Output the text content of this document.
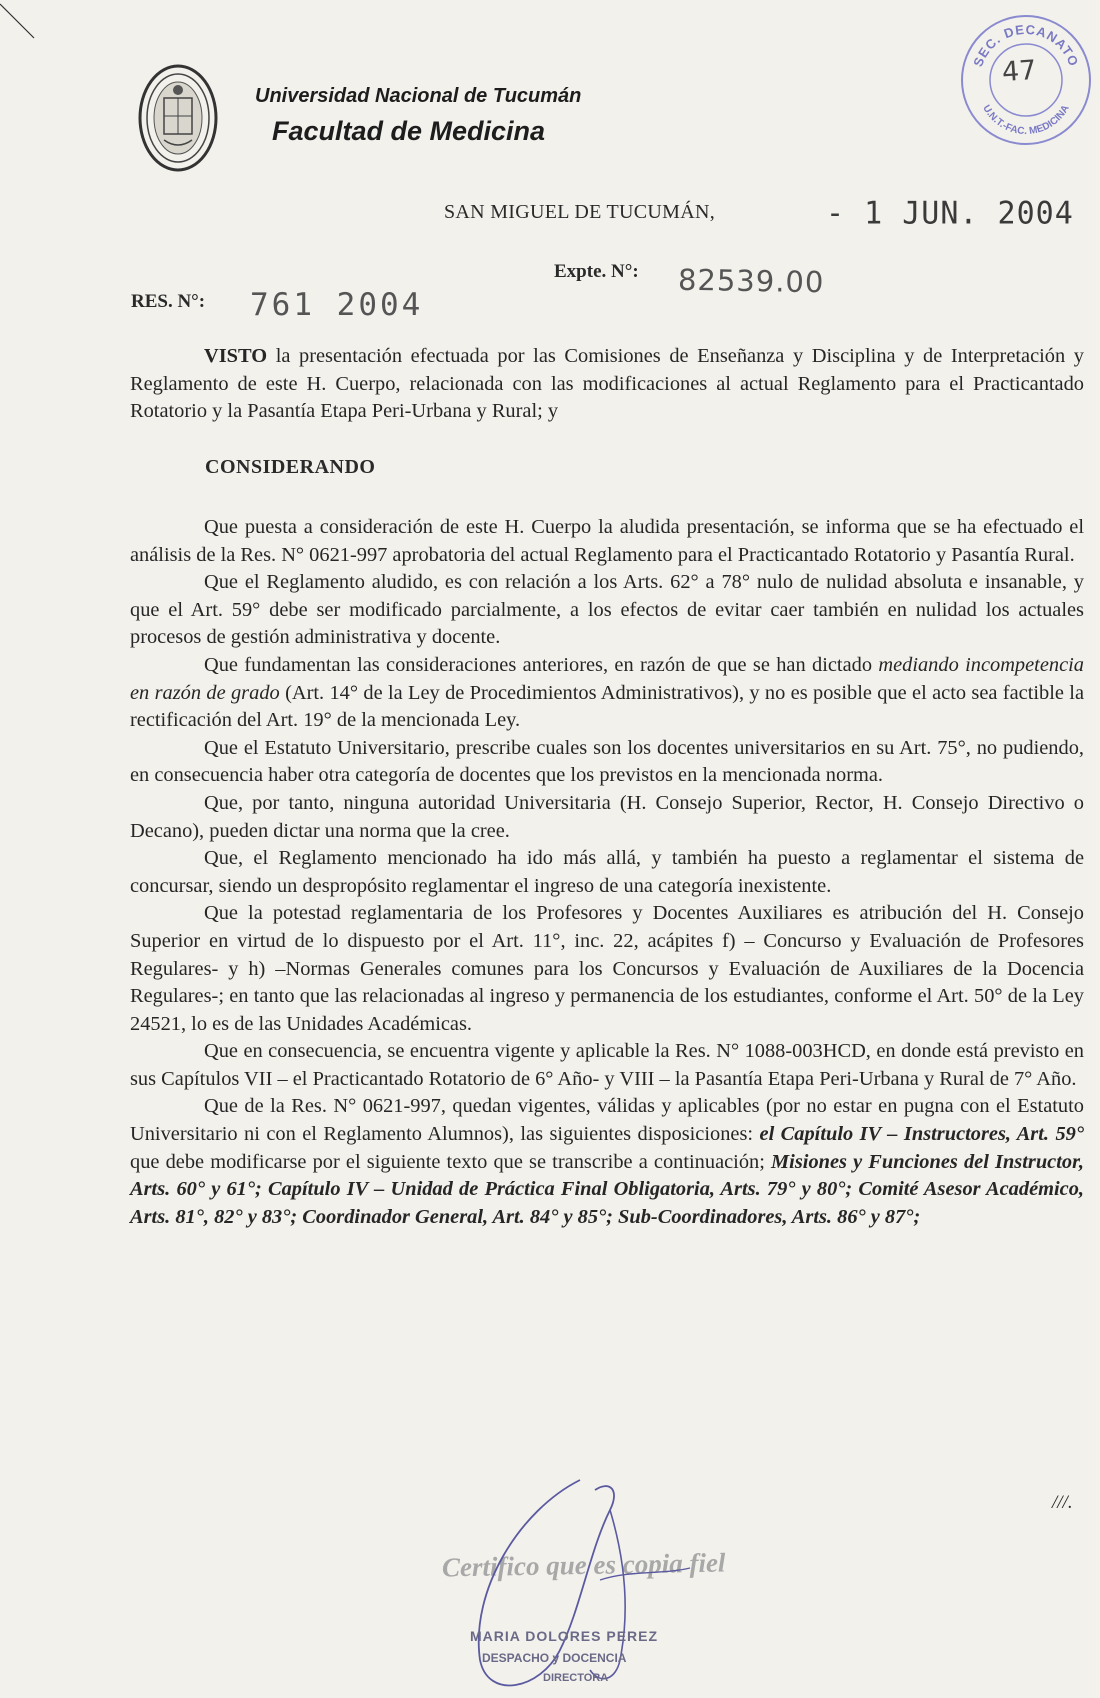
Universidad Nacional de Tucumán
Facultad de Medicina
SEC. DECANATO
U.N.T.-FAC. MEDICINA
47
SAN MIGUEL DE TUCUMÁN,	- 1 JUN. 2004
Expte. N°: 82539.00
RES. N°: 761 2004

VISTO la presentación efectuada por las Comisiones de Enseñanza y Disciplina y de Interpretación y Reglamento de este H. Cuerpo, relacionada con las modificaciones al actual Reglamento para el Practicantado Rotatorio y la Pasantía Etapa Peri-Urbana y Rural; y

CONSIDERANDO

Que puesta a consideración de este H. Cuerpo la aludida presentación, se informa que se ha efectuado el análisis de la Res. N° 0621-997 aprobatoria del actual Reglamento para el Practicantado Rotatorio y Pasantía Rural.

Que el Reglamento aludido, es con relación a los Arts. 62° a 78° nulo de nulidad absoluta e insanable, y que el Art. 59° debe ser modificado parcialmente, a los efectos de evitar caer también en nulidad los actuales procesos de gestión administrativa y docente.

Que fundamentan las consideraciones anteriores, en razón de que se han dictado mediando incompetencia en razón de grado (Art. 14° de la Ley de Procedimientos Administrativos), y no es posible que el acto sea factible la rectificación del Art. 19° de la mencionada Ley.

Que el Estatuto Universitario, prescribe cuales son los docentes universitarios en su Art. 75°, no pudiendo, en consecuencia haber otra categoría de docentes que los previstos en la mencionada norma.

Que, por tanto, ninguna autoridad Universitaria (H. Consejo Superior, Rector, H. Consejo Directivo o Decano), pueden dictar una norma que la cree.

Que, el Reglamento mencionado ha ido más allá, y también ha puesto a reglamentar el sistema de concursar, siendo un despropósito reglamentar el ingreso de una categoría inexistente.

Que la potestad reglamentaria de los Profesores y Docentes Auxiliares es atribución del H. Consejo Superior en virtud de lo dispuesto por el Art. 11°, inc. 22, acápites f) – Concurso y Evaluación de Profesores Regulares- y h) –Normas Generales comunes para los Concursos y Evaluación de Auxiliares de la Docencia Regulares-; en tanto que las relacionadas al ingreso y permanencia de los estudiantes, conforme el Art. 50° de la Ley 24521, lo es de las Unidades Académicas.

Que en consecuencia, se encuentra vigente y aplicable la Res. N° 1088-003HCD, en donde está previsto en sus Capítulos VII – el Practicantado Rotatorio de 6° Año- y VIII – la Pasantía Etapa Peri-Urbana y Rural de 7° Año.

Que de la Res. N° 0621-997, quedan vigentes, válidas y aplicables (por no estar en pugna con el Estatuto Universitario ni con el Reglamento Alumnos), las siguientes disposiciones: el Capítulo IV – Instructores, Art. 59° que debe modificarse por el siguiente texto que se transcribe a continuación; Misiones y Funciones del Instructor, Arts. 60° y 61°; Capítulo IV – Unidad de Práctica Final Obligatoria, Arts. 79° y 80°; Comité Asesor Académico, Arts. 81°, 82° y 83°; Coordinador General, Art. 84° y 85°; Sub-Coordinadores, Arts. 86° y 87°;

///.
Certifico que es copia fiel
MARIA DOLORES PEREZ
DESPACHO y DOCENCIA
DIRECTORA
